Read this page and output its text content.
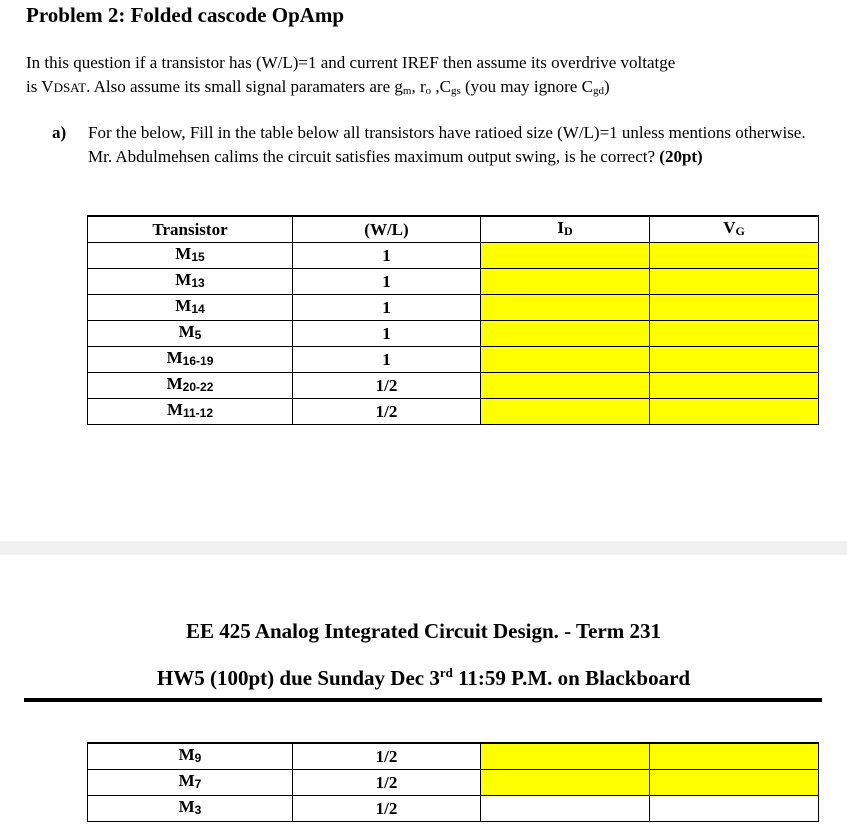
Problem 2: Folded cascode OpAmp
In this question if a transistor has (W/L)=1 and current IREF then assume its overdrive voltatge
is VDSAT. Also assume its small signal paramaters are gm, ro ,Cgs (you may ignore Cgd)
a) For the below, Fill in the table below all transistors have ratioed size (W/L)=1 unless mentions otherwise. Mr. Abdulmehsen calims the circuit satisfies maximum output swing, is he correct? (20pt)
Transistor	(W/L)	ID	VG
M15	1		
M13	1		
M14	1		
M5	1		
M16-19	1		
M20-22	1/2		
M11-12	1/2		
EE 425 Analog Integrated Circuit Design. - Term 231
HW5 (100pt) due Sunday Dec 3rd 11:59 P.M. on Blackboard
M9	1/2		
M7	1/2		
M3	1/2		
